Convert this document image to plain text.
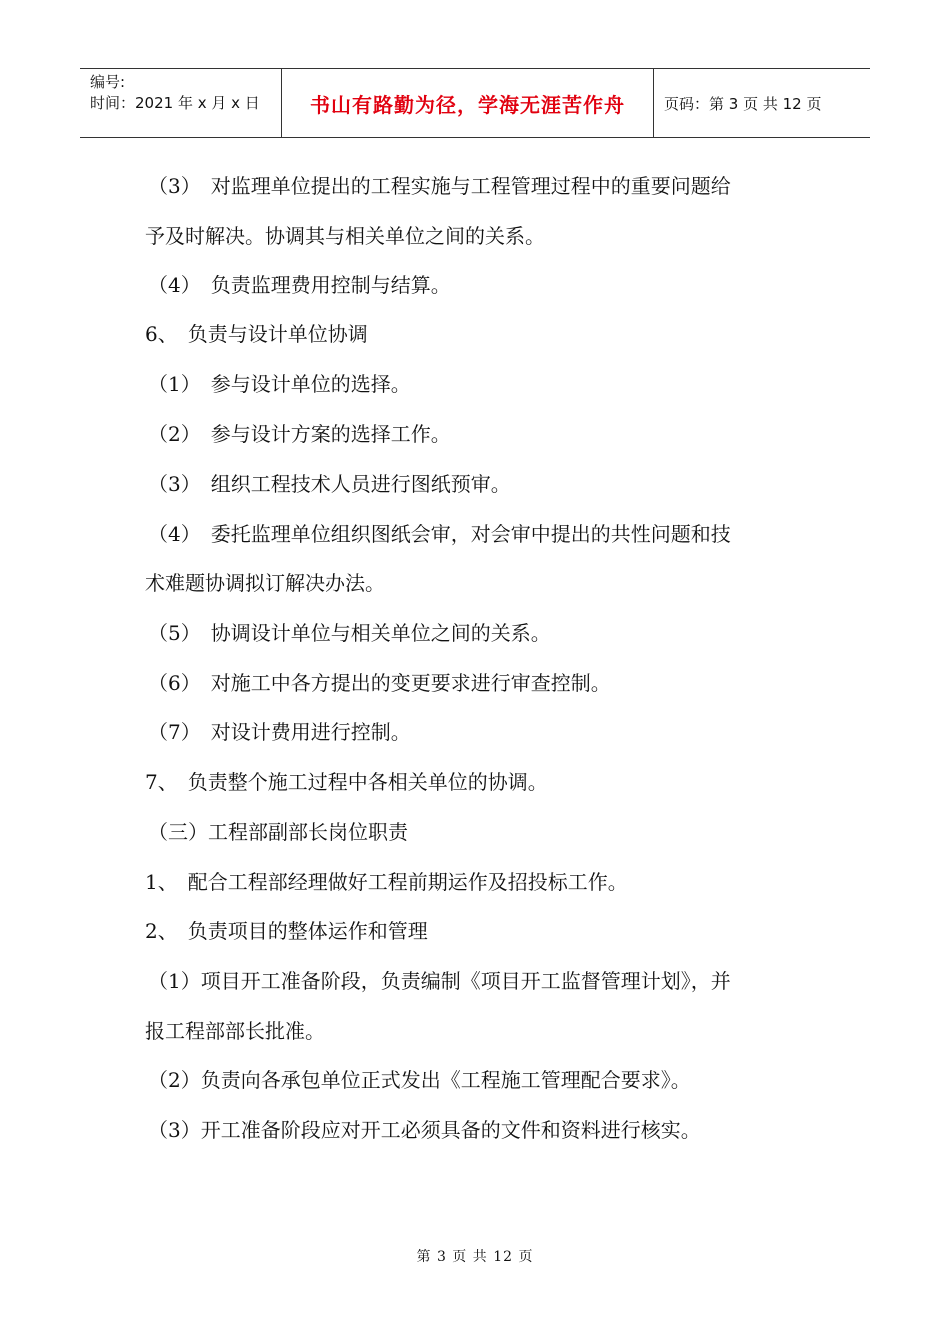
编号:
时间：2021 年 x 月 x 日	书山有路勤为径，学海无涯苦作舟	页码：第 3 页 共 12 页
（3）　对监理单位提出的工程实施与工程管理过程中的重要问题给
予及时解决。协调其与相关单位之间的关系。
（4）　负责监理费用控制与结算。
6、　负责与设计单位协调
（1）　参与设计单位的选择。
（2）　参与设计方案的选择工作。
（3）　组织工程技术人员进行图纸预审。
（4）　委托监理单位组织图纸会审，对会审中提出的共性问题和技
术难题协调拟订解决办法。
（5）　协调设计单位与相关单位之间的关系。
（6）　对施工中各方提出的变更要求进行审查控制。
（7）　对设计费用进行控制。
7、　负责整个施工过程中各相关单位的协调。
（三）工程部副部长岗位职责
1、　配合工程部经理做好工程前期运作及招投标工作。
2、　负责项目的整体运作和管理
（1）项目开工准备阶段，负责编制《项目开工监督管理计划》，并
报工程部部长批准。
（2）负责向各承包单位正式发出《工程施工管理配合要求》。
（3）开工准备阶段应对开工必须具备的文件和资料进行核实。
第 3 页 共 12 页
